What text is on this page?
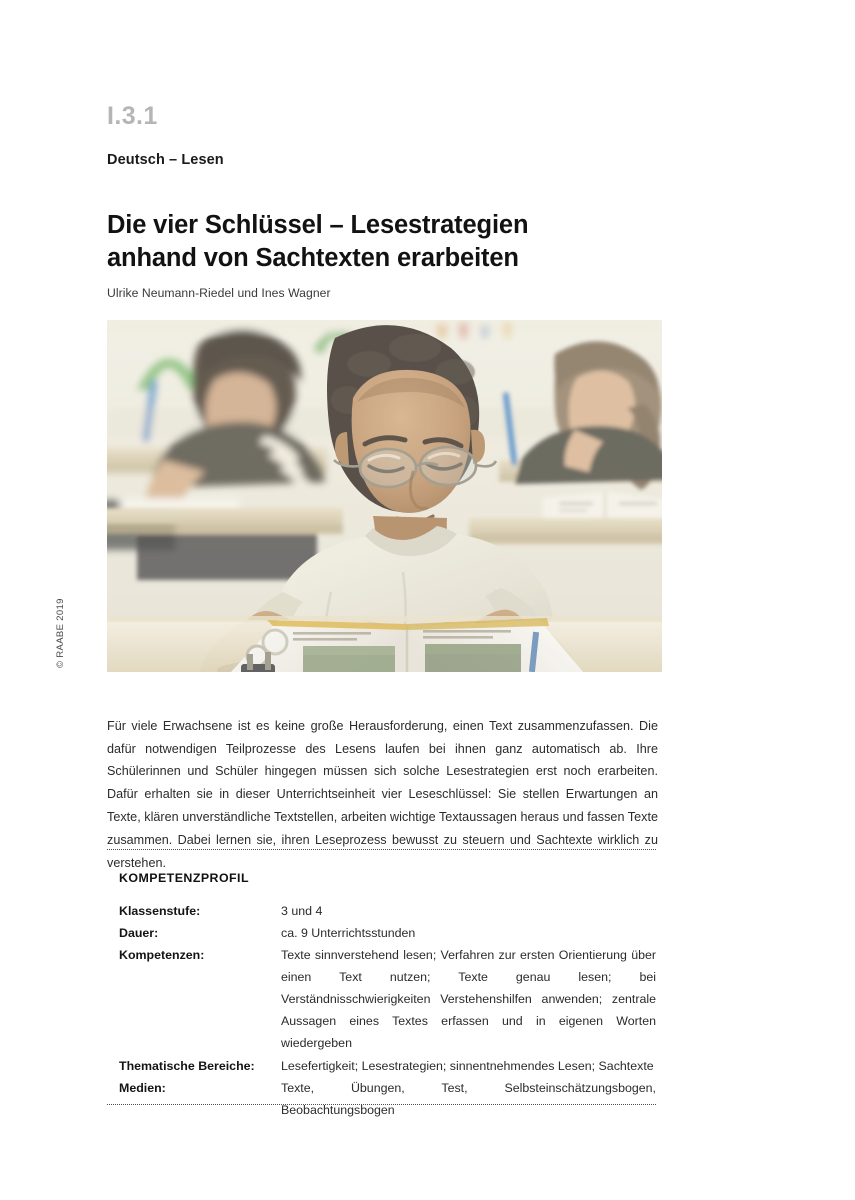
© RAABE 2019
I.3.1
Deutsch – Lesen
Die vier Schlüssel – Lesestrategien
anhand von Sachtexten erarbeiten
Ulrike Neumann-Riedel und Ines Wagner

Für viele Erwachsene ist es keine große Herausforderung, einen Text zusammenzufassen. Die dafür notwendigen Teilprozesse des Lesens laufen bei ihnen ganz automatisch ab. Ihre Schülerinnen und Schüler hingegen müssen sich solche Lesestrategien erst noch erarbeiten. Dafür erhalten sie in dieser Unterrichtseinheit vier Leseschlüssel: Sie stellen Erwartungen an Texte, klären unverständliche Textstellen, arbeiten wichtige Textaussagen heraus und fassen Texte zusammen. Dabei lernen sie, ihren Leseprozess bewusst zu steuern und Sachtexte wirklich zu verstehen.

KOMPETENZPROFIL
Klassenstufe:	3 und 4
Dauer:	ca. 9 Unterrichtsstunden
Kompetenzen:	Texte sinnverstehend lesen; Verfahren zur ersten Orientierung über einen Text nutzen; Texte genau lesen; bei Verständnisschwierigkeiten Verstehenshilfen anwenden; zentrale Aussagen eines Textes erfassen und in eigenen Worten wiedergeben
Thematische Bereiche:	Lesefertigkeit; Lesestrategien; sinnentnehmendes Lesen; Sachtexte
Medien:	Texte, Übungen, Test, Selbsteinschätzungsbogen, Beobachtungsbogen
